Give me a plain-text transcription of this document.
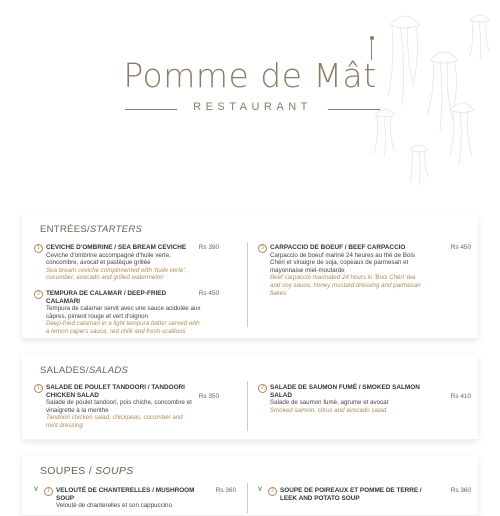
Pomme de Mât
RESTAURANT
ENTRÉES/STARTERS
1 CEVICHE D'OMBRINE / SEA BREAM CEVICHE
Ceviche d'ombrine accompagné d'huile verte, concombre, avocat et pastèque grillée
Sea bream ceviche complimented with 'huile verte', cucumber, avocado and grilled watermelon
Rs 390
2 TEMPURA DE CALAMAR / DEEP-FRIED CALAMARI
Tempura de calamar servit avec une sauce acidulée aux câpres, piment rouge et vert d'oignon
Deep-fried calamari in a light tempura batter served with a lemon capers sauce, red chilli and fresh scallions
Rs 450
3 CARPACCIO DE BOEUF / BEEF CARPACCIO
Carpaccio de boeuf mariné 24 heures au thé de Bois Chéri et vinaigre de soja, copeaux de parmesan et mayonnaise miel-moutarde
Beef carpaccio marinated 24 hours in 'Bois Chéri' tea and soy sauce, honey mustard dressing and parmesan flakes
Rs 450
SALADES/SALADS
1 SALADE DE POULET TANDOORI / TANDOORI CHICKEN SALAD
Salade de poulet tandoori, pois chiche, concombre et vinaigrette à la menthe
Tandoori chicken salad, chickpeas, cucumber and mint dressing
Rs 350
2 SALADE DE SAUMON FUMÉ / SMOKED SALMON SALAD
Salade de saumon fumé, agrume et avocat
Smoked salmon, citrus and avocado salad
Rs 410
SOUPES / SOUPS
V	1 VELOUTÉ DE CHANTERELLES / MUSHROOM SOUP
Velouté de chanterelles et son cappuccino
Rs 360	V	2 SOUPE DE POIREAUX ET POMME DE TERRE / LEEK AND POTATO SOUP
Rs 360
